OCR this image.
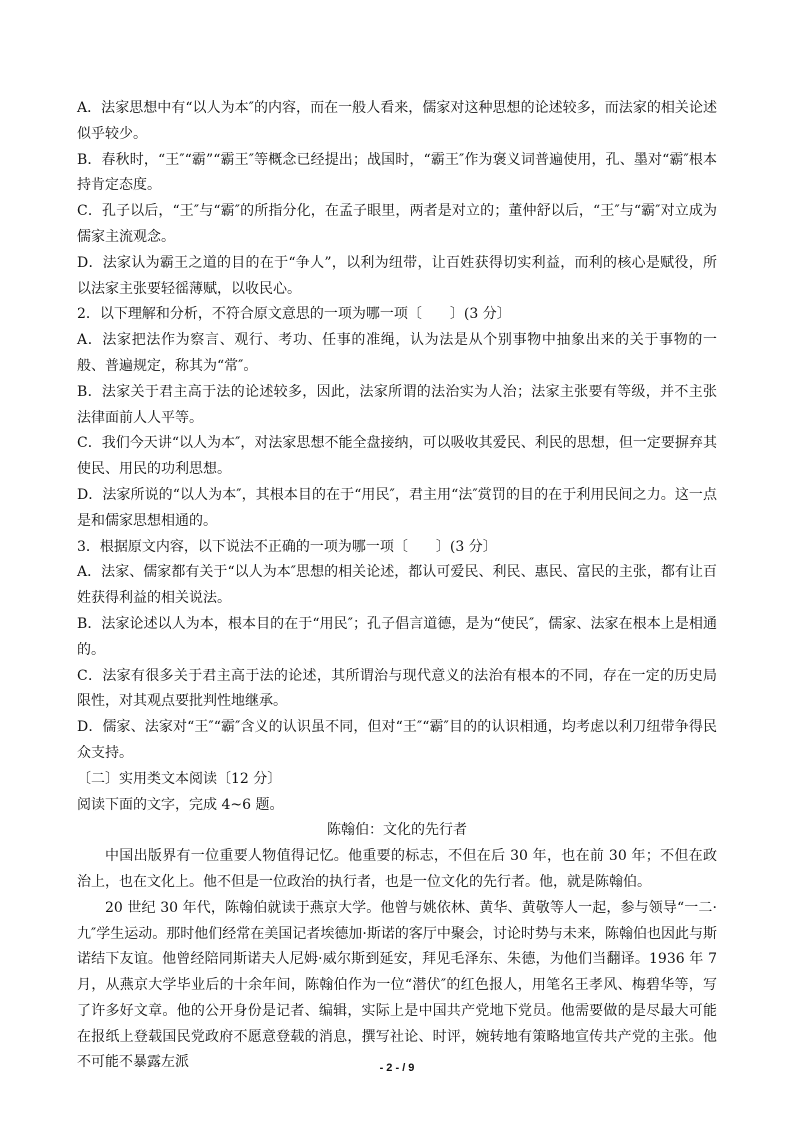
A．法家思想中有“以人为本″的内容，而在一般人看来，儒家对这种思想的论述较多，而法家的相关论述似乎较少。

B．春秋时，“王″“霸”“霸王″等概念已经提出；战国时，“霸王″作为褒义词普遍使用，孔、墨对“霸″根本持肯定态度。

C．孔子以后，“王″与“霸″的所指分化，在孟子眼里，两者是对立的；董仲舒以后，“王″与“霸″对立成为儒家主流观念。

D．法家认为霸王之道的目的在于“争人”，以利为纽带，让百姓获得切实利益，而利的核心是赋役，所以法家主张要轻徭薄赋，以收民心。

2．以下理解和分析，不符合原文意思的一项为哪一项〔　　〕(3 分〕

A．法家把法作为察言、观行、考功、任事的准绳，认为法是从个别事物中抽象出来的关于事物的一般、普遍规定，称其为“常″。

B．法家关于君主高于法的论述较多，因此，法家所谓的法治实为人治；法家主张要有等级，并不主张法律面前人人平等。

C．我们今天讲“以人为本″，对法家思想不能全盘接纳，可以吸收其爱民、利民的思想，但一定要摒弃其使民、用民的功利思想。

D．法家所说的“以人为本″，其根本目的在于“用民″，君主用“法″赏罚的目的在于利用民间之力。这一点是和儒家思想相通的。

3．根据原文内容，以下说法不正确的一项为哪一项〔　　〕(3 分〕

A．法家、儒家都有关于“以人为本″思想的相关论述，都认可爱民、利民、惠民、富民的主张，都有让百姓获得利益的相关说法。

B．法家论述以人为本，根本目的在于“用民″；孔子倡言道德，是为“使民″，儒家、法家在根本上是相通的。

C．法家有很多关于君主高于法的论述，其所谓治与现代意义的法治有根本的不同，存在一定的历史局限性，对其观点要批判性地继承。

D．儒家、法家对“王″“霸″含义的认识虽不同，但对“王″“霸″目的的认识相通，均考虑以利刀纽带争得民众支持。

〔二〕实用类文本阅读〔12 分〕

阅读下面的文字，完成 4~6 题。

陈翰伯：文化的先行者

中国出版界有一位重要人物值得记忆。他重要的标志，不但在后 30 年，也在前 30 年；不但在政治上，也在文化上。他不但是一位政治的执行者，也是一位文化的先行者。他，就是陈翰伯。

20 世纪 30 年代，陈翰伯就读于燕京大学。他曾与姚依林、黄华、黄敬等人一起，参与领导“一二·九″学生运动。那时他们经常在美国记者埃德加·斯诺的客厅中聚会，讨论时势与未来，陈翰伯也因此与斯诺结下友谊。他曾经陪同斯诺夫人尼姆·威尔斯到延安，拜见毛泽东、朱德，为他们当翻译。1936 年 7 月，从燕京大学毕业后的十余年间，陈翰伯作为一位“潜伏″的红色报人，用笔名王孝风、梅碧华等，写了许多好文章。他的公开身份是记者、编辑，实际上是中国共产党地下党员。他需要做的是尽最大可能在报纸上登载国民党政府不愿意登载的消息，撰写社论、时评，婉转地有策略地宣传共产党的主张。他不可能不暴露左派	- 2 - / 9
